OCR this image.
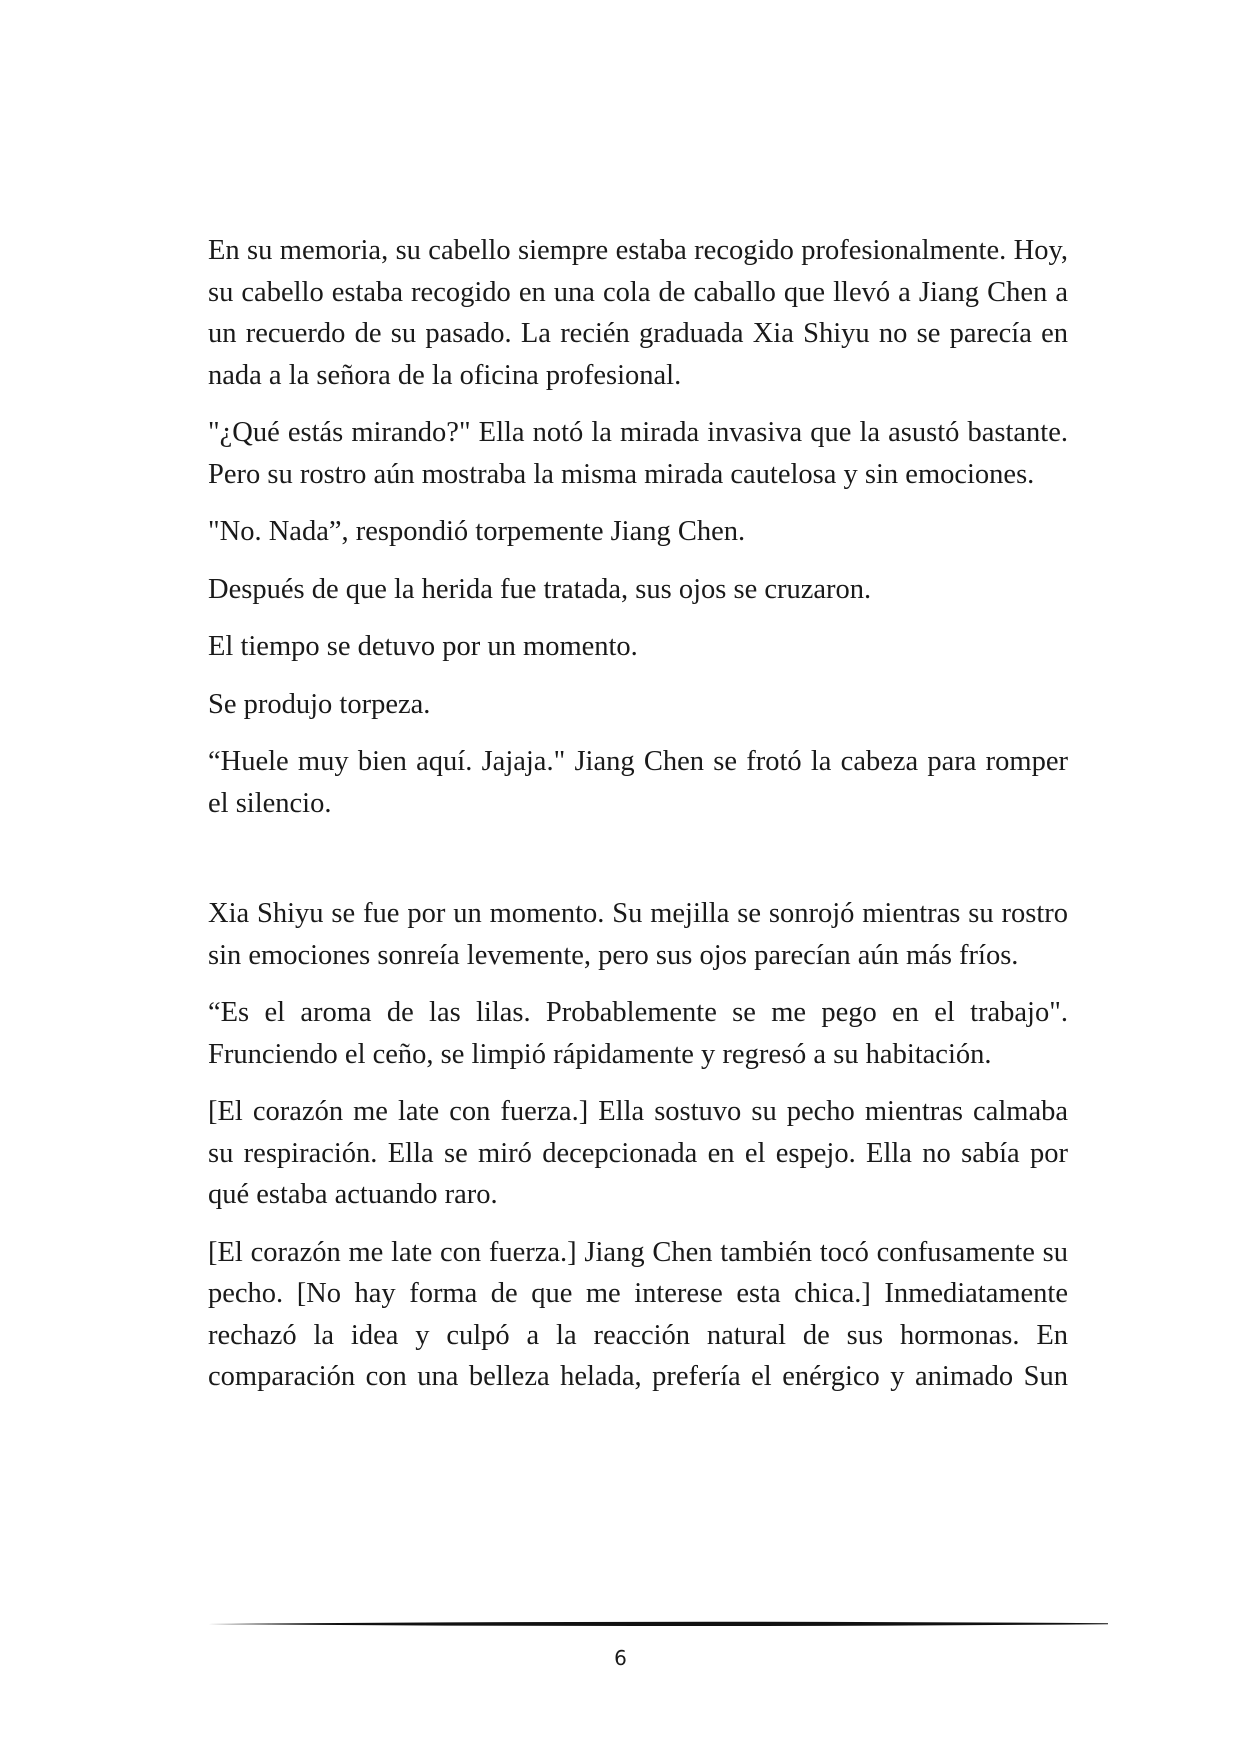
En su memoria, su cabello siempre estaba recogido profesionalmente. Hoy, su cabello estaba recogido en una cola de caballo que llevó a Jiang Chen a un recuerdo de su pasado. La recién graduada Xia Shiyu no se parecía en nada a la señora de la oficina profesional.

"¿Qué estás mirando?" Ella notó la mirada invasiva que la asustó bastante. Pero su rostro aún mostraba la misma mirada cautelosa y sin emociones.

"No. Nada”, respondió torpemente Jiang Chen.

Después de que la herida fue tratada, sus ojos se cruzaron.

El tiempo se detuvo por un momento.

Se produjo torpeza.

“Huele muy bien aquí. Jajaja." Jiang Chen se frotó la cabeza para romper el silencio.

Xia Shiyu se fue por un momento. Su mejilla se sonrojó mientras su rostro sin emociones sonreía levemente, pero sus ojos parecían aún más fríos.

“Es el aroma de las lilas. Probablemente se me pego en el trabajo". Frunciendo el ceño, se limpió rápidamente y regresó a su habitación.

[El corazón me late con fuerza.] Ella sostuvo su pecho mientras calmaba su respiración. Ella se miró decepcionada en el espejo. Ella no sabía por qué estaba actuando raro.

[El corazón me late con fuerza.] Jiang Chen también tocó confusamente su pecho. [No hay forma de que me interese esta chica.] Inmediatamente rechazó la idea y culpó a la reacción natural de sus hormonas. En comparación con una belleza helada, prefería el enérgico y animado Sun

6
